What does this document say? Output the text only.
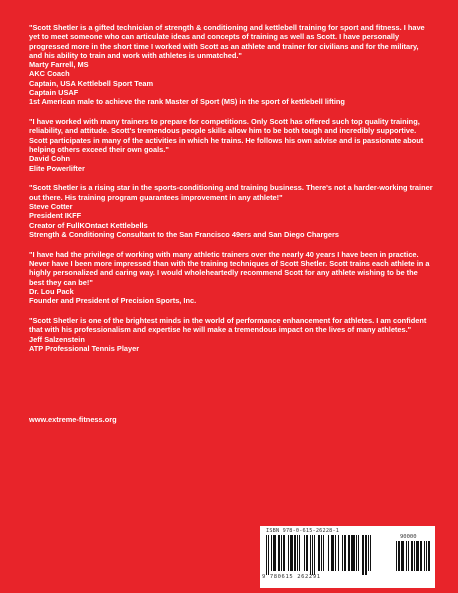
"Scott Shetler is a gifted technician of strength & conditioning and kettlebell training for sport and fitness. I have yet to meet someone who can articulate ideas and concepts of training as well as Scott. I have personally progressed more in the short time I worked with Scott as an athlete and trainer for civilians and for the military, and his ability to train and work with athletes is unmatched."

Marty Farrell, MS
AKC Coach
Captain, USA Kettlebell Sport Team
Captain USAF
1st American male to achieve the rank Master of Sport (MS) in the sport of kettlebell lifting

"I have worked with many trainers to prepare for competitions. Only Scott has offered such top quality training, reliability, and attitude. Scott's tremendous people skills allow him to be both tough and incredibly supportive. Scott participates in many of the activities in which he trains. He follows his own advise and is passionate about helping others exceed their own goals."

David Cohn
Elite Powerlifter

"Scott Shetler is a rising star in the sports-conditioning and training business. There's not a harder-working trainer out there. His training program guarantees improvement in any athlete!"

Steve Cotter
President IKFF
Creator of FullKOntact Kettlebells
Strength & Conditioning Consultant to the San Francisco 49ers and San Diego Chargers

"I have had the privilege of working with many athletic trainers over the nearly 40 years I have been in practice. Never have I been more impressed than with the training techniques of Scott Shetler. Scott trains each athlete in a highly personalized and caring way. I would wholeheartedly recommend Scott for any athlete wishing to be the best they can be!"

Dr. Lou Pack
Founder and President of Precision Sports, Inc.

"Scott Shetler is one of the brightest minds in the world of performance enhancement for athletes. I am confident that with his professionalism and expertise he will make a tremendous impact on the lives of many athletes."

Jeff Salzenstein
ATP Professional Tennis Player
www.extreme-fitness.org
ISBN 978-0-615-26228-1
90000
9 780615 262291
